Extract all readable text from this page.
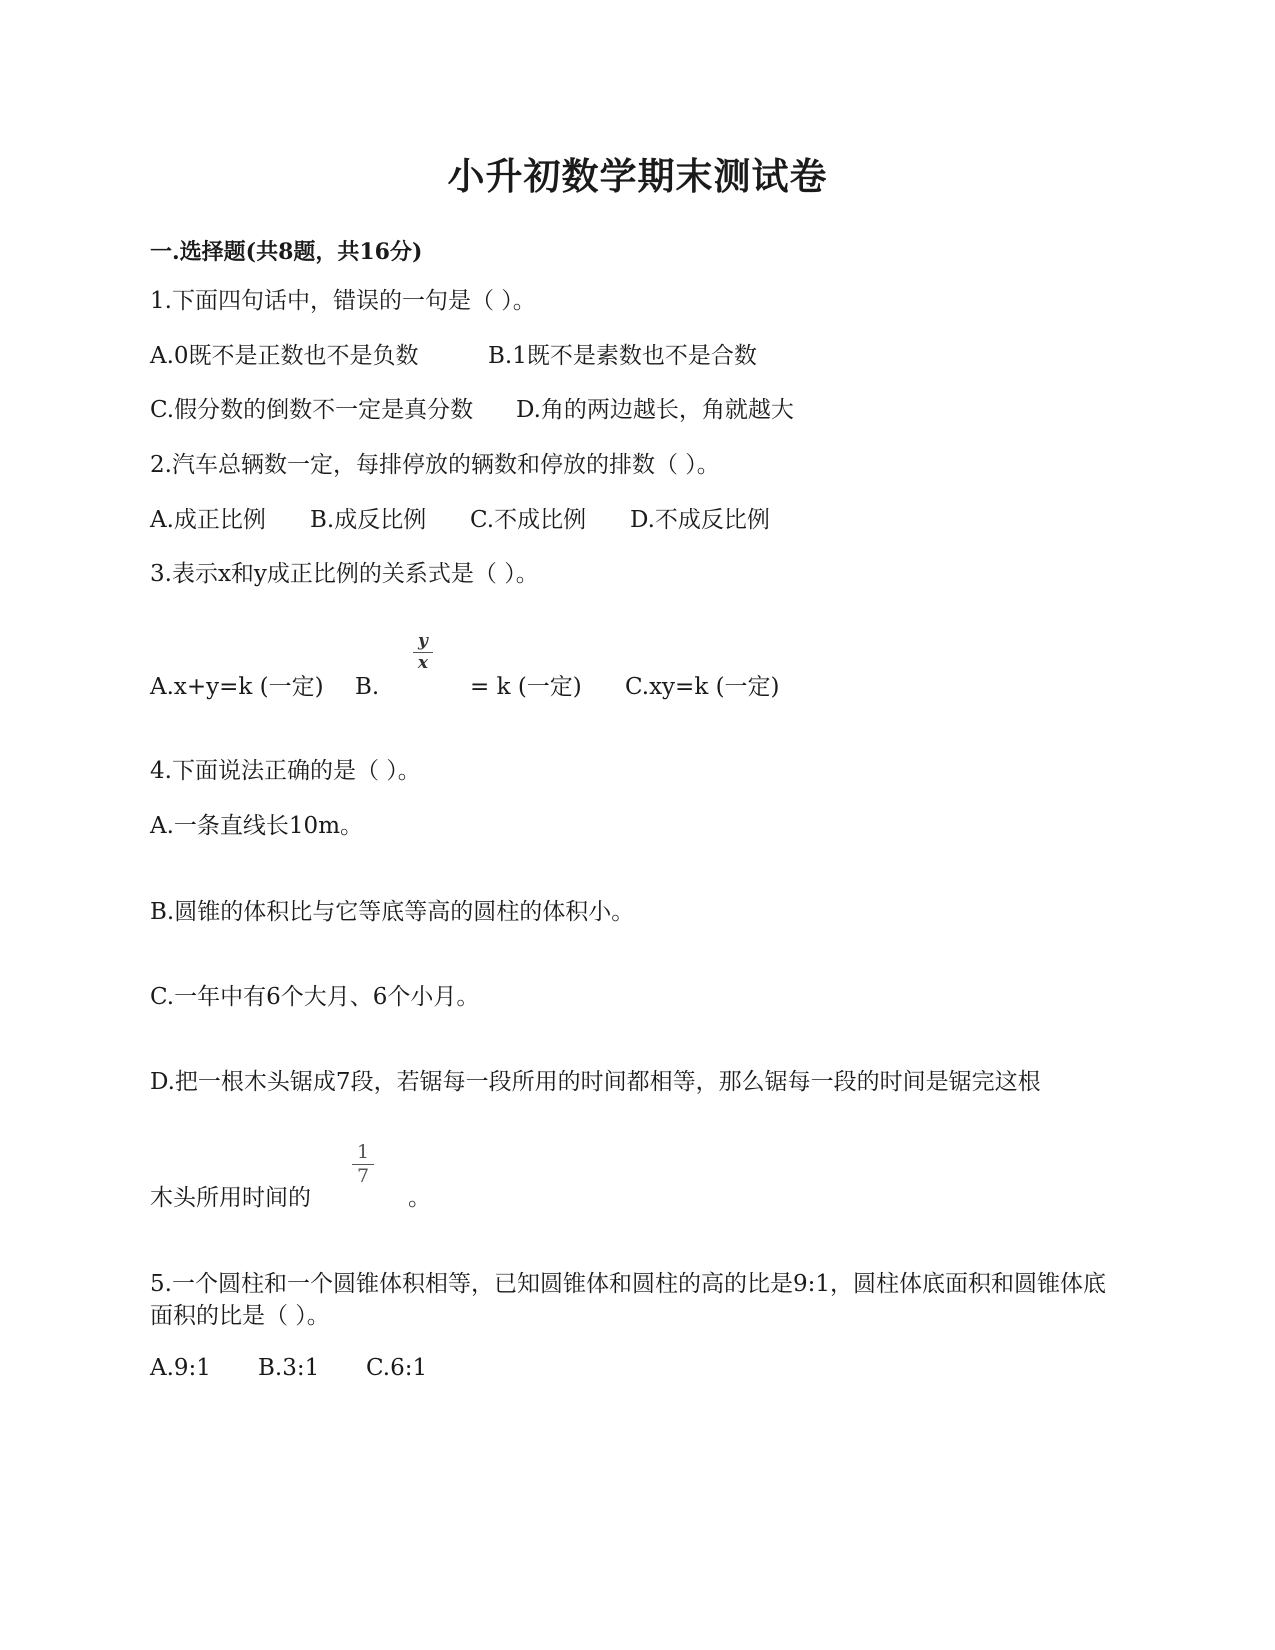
小升初数学期末测试卷
一.选择题(共8题，共16分)
1.下面四句话中，错误的一句是（ ）。
A.0既不是正数也不是负数	B.1既不是素数也不是合数
C.假分数的倒数不一定是真分数 D.角的两边越长，角就越大
2.汽车总辆数一定，每排停放的辆数和停放的排数（ ）。
A.成正比例 B.成反比例 C.不成比例 D.不成反比例
3.表示x和y成正比例的关系式是（ ）。
A.x+y=k (一定) B.
y
x
= k (一定) C.xy=k (一定)
4.下面说法正确的是（ ）。
A.一条直线长10m。
B.圆锥的体积比与它等底等高的圆柱的体积小。
C.一年中有6个大月、6个小月。
D.把一根木头锯成7段，若锯每一段所用的时间都相等，那么锯每一段的时间是锯完这根
木头所用时间的
1
7
。
5.一个圆柱和一个圆锥体积相等，已知圆锥体和圆柱的高的比是9:1，圆柱体底面积和圆锥体底面积的比是（ ）。
A.9:1 B.3:1 C.6:1
